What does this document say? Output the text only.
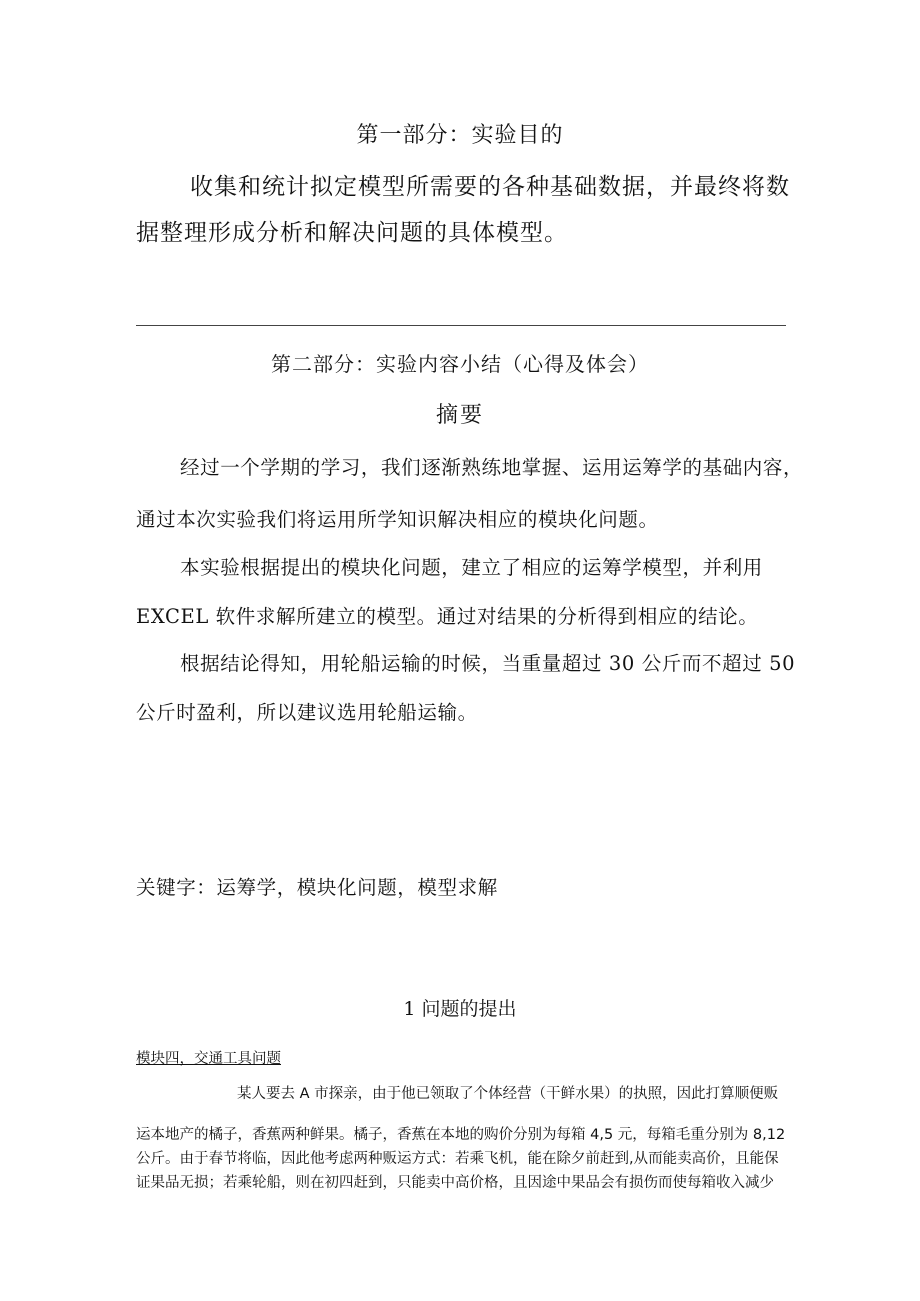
第一部分：实验目的
收集和统计拟定模型所需要的各种基础数据，并最终将数
据整理形成分析和解决问题的具体模型。
第二部分：实验内容小结（心得及体会）
摘要
经过一个学期的学习，我们逐渐熟练地掌握、运用运筹学的基础内容，
通过本次实验我们将运用所学知识解决相应的模块化问题。
本实验根据提出的模块化问题，建立了相应的运筹学模型，并利用
EXCEL 软件求解所建立的模型。通过对结果的分析得到相应的结论。
根据结论得知，用轮船运输的时候，当重量超过 30 公斤而不超过 50
公斤时盈利，所以建议选用轮船运输。
关键字：运筹学，模块化问题，模型求解
1 问题的提出
模块四，交通工具问题
某人要去 A 市探亲，由于他已领取了个体经营（干鲜水果）的执照，因此打算顺便贩
运本地产的橘子，香蕉两种鲜果。橘子，香蕉在本地的购价分别为每箱 4,5 元，每箱毛重分别为 8,12
公斤。由于春节将临，因此他考虑两种贩运方式：若乘飞机，能在除夕前赶到,从而能卖高价，且能保
证果品无损；若乘轮船，则在初四赶到，只能卖中高价格，且因途中果品会有损伤而使每箱收入减少
